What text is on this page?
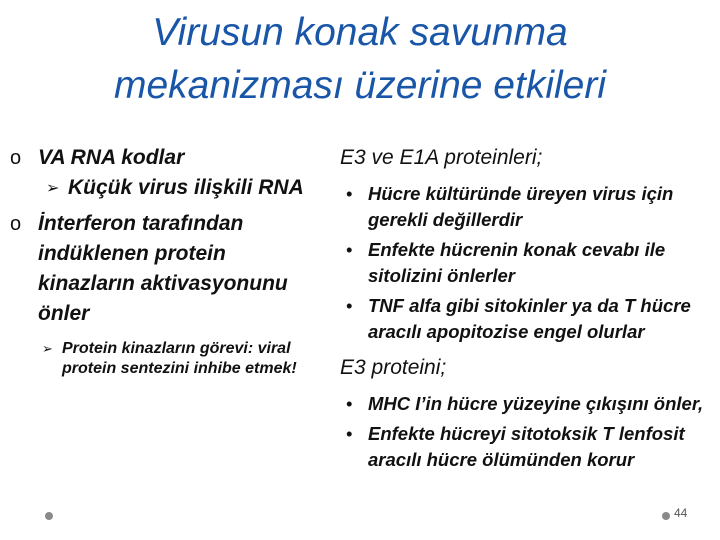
Virusun konak savunma
mekanizması üzerine etkileri
o VA RNA kodlar
➢ Küçük virus ilişkili RNA
o İnterferon tarafından indüklenen protein kinazların aktivasyonunu önler
➢ Protein kinazların görevi: viral protein sentezini inhibe etmek!
E3 ve E1A proteinleri;
• Hücre kültüründe üreyen virus için gerekli değillerdir
• Enfekte hücrenin konak cevabı ile sitolizini önlerler
• TNF alfa gibi sitokinler ya da T hücre aracılı apopitozise engel olurlar
E3 proteini;
• MHC I’in hücre yüzeyine çıkışını önler,
• Enfekte hücreyi sitotoksik T lenfosit aracılı hücre ölümünden korur
44
